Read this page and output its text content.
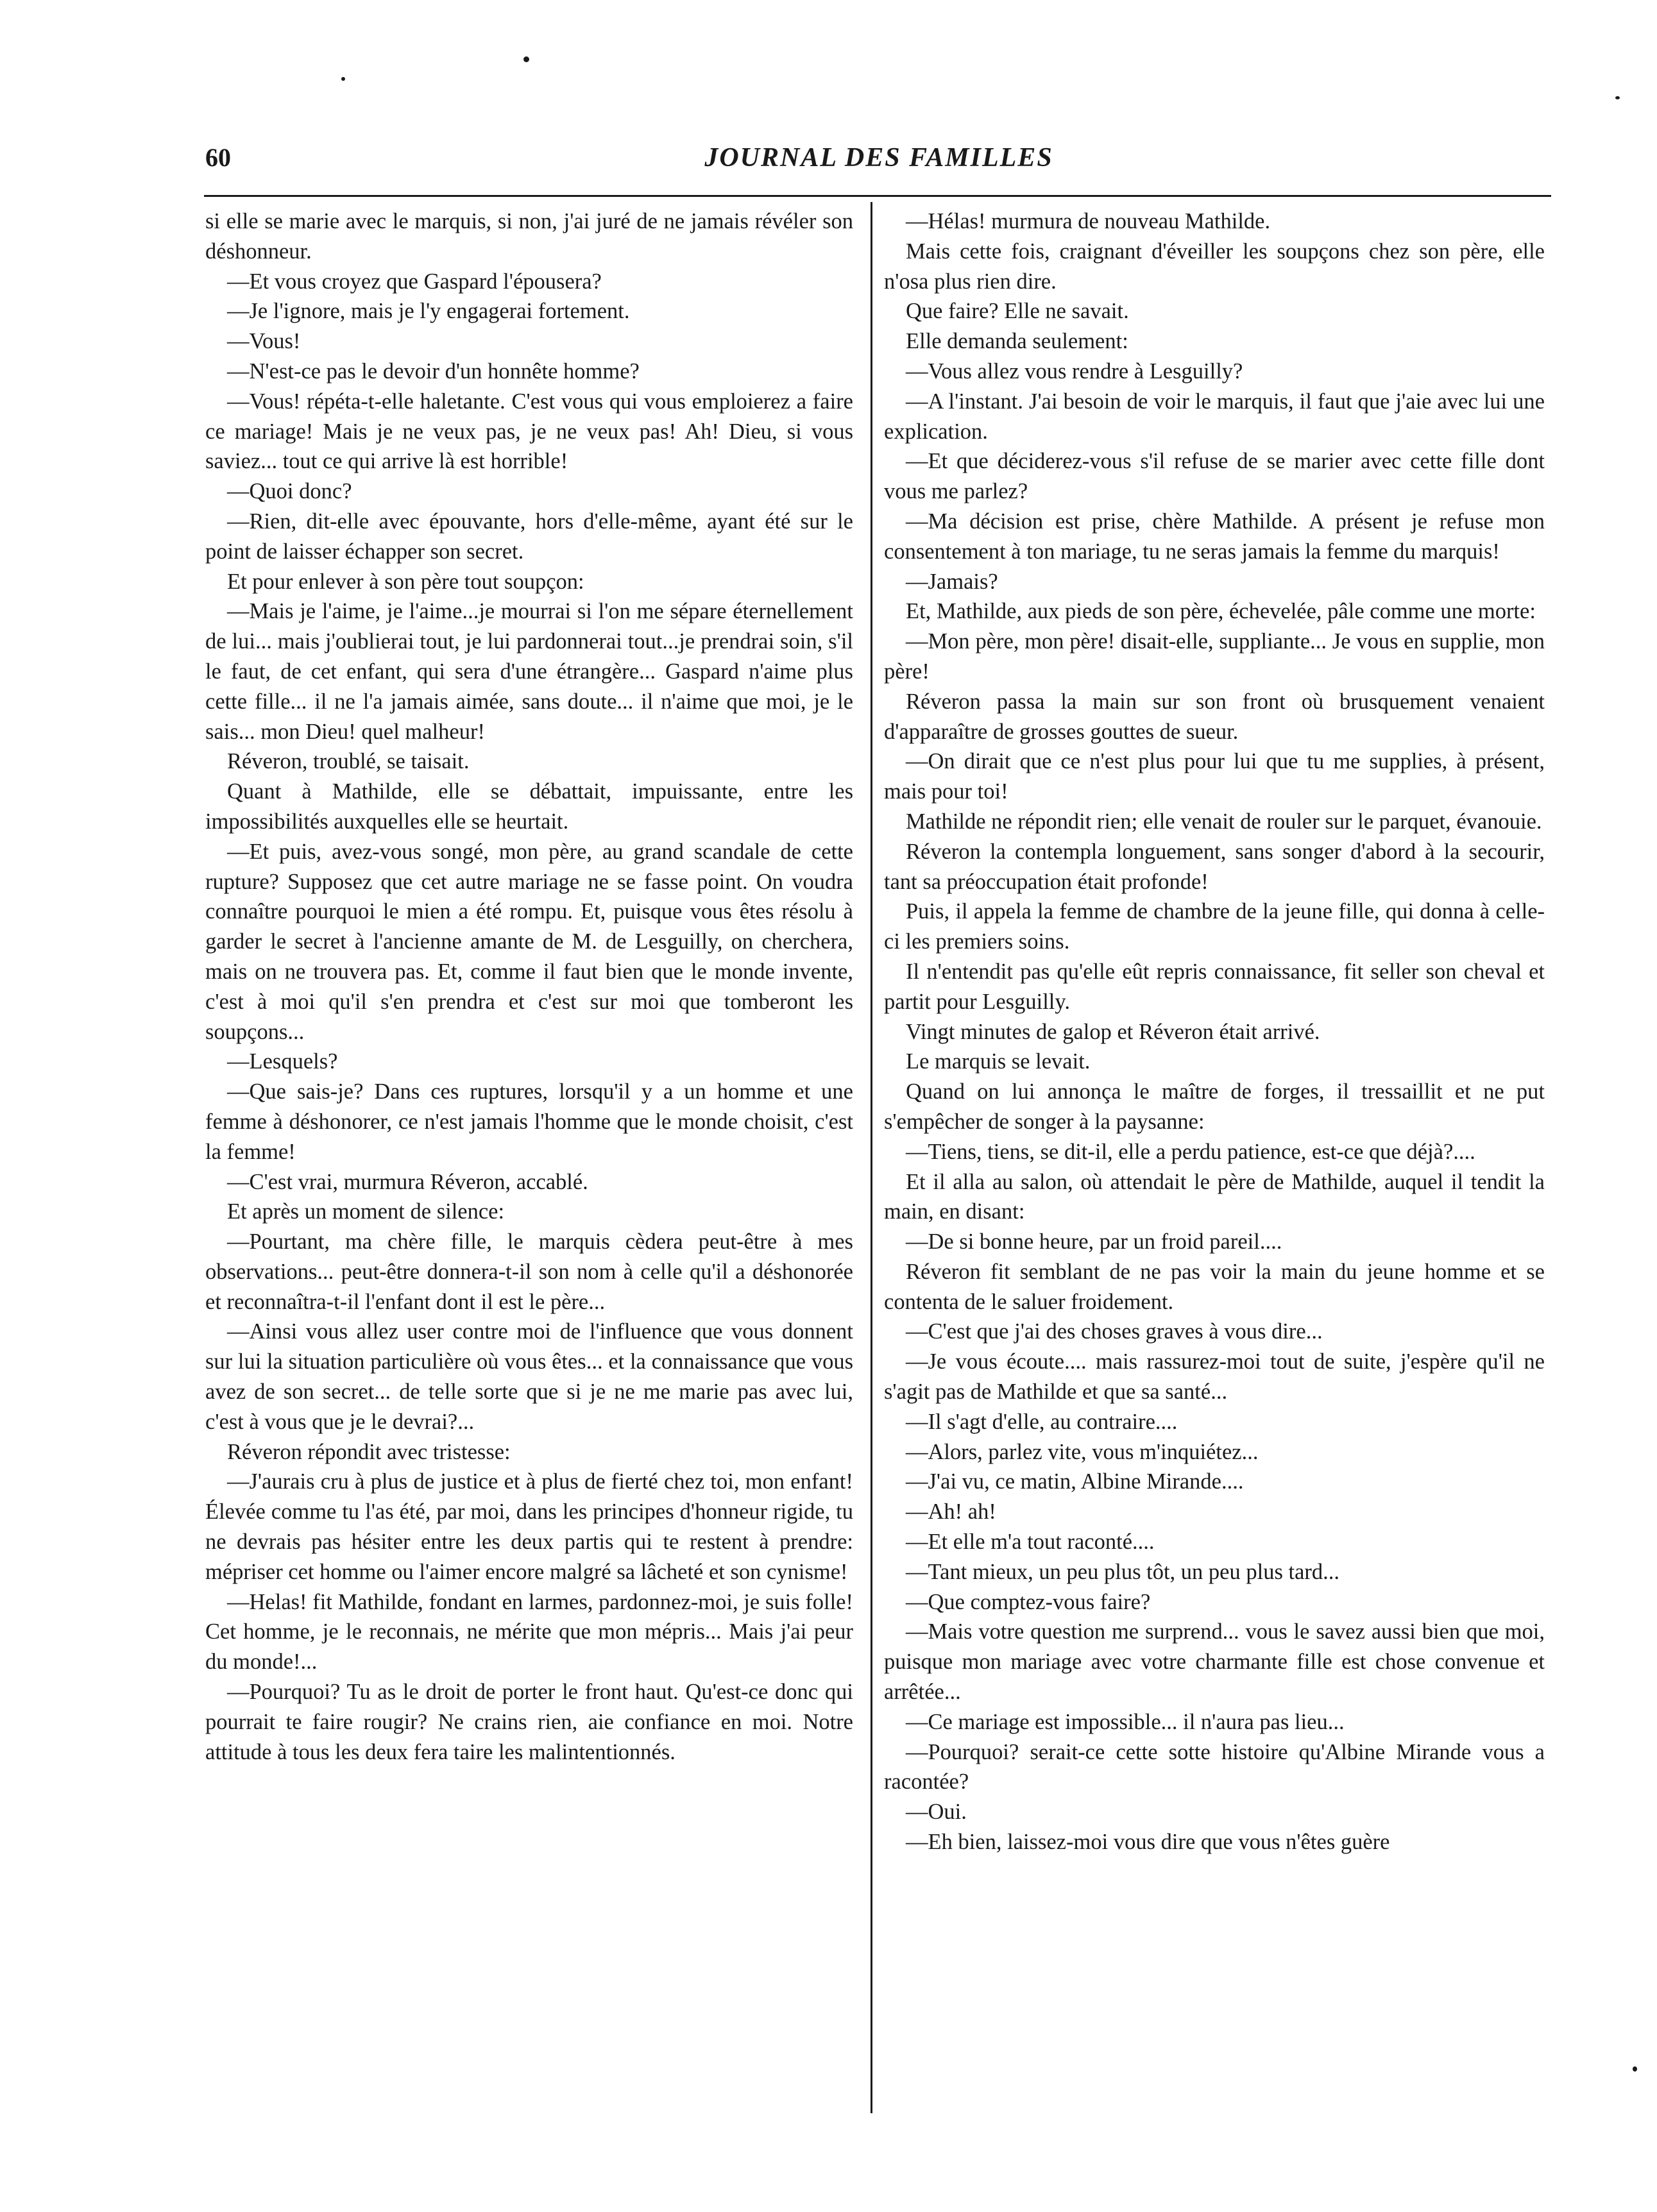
60	JOURNAL DES FAMILLES

si elle se marie avec le marquis, si non, j'ai juré de ne jamais révéler son déshonneur.

—Et vous croyez que Gaspard l'épousera?

—Je l'ignore, mais je l'y engagerai fortement.

—Vous!

—N'est-ce pas le devoir d'un honnête homme?

—Vous! répéta-t-elle haletante. C'est vous qui vous emploierez a faire ce mariage! Mais je ne veux pas, je ne veux pas! Ah! Dieu, si vous saviez... tout ce qui arrive là est horrible!

—Quoi donc?

—Rien, dit-elle avec épouvante, hors d'elle-même, ayant été sur le point de laisser échapper son secret.

Et pour enlever à son père tout soupçon:

—Mais je l'aime, je l'aime...je mourrai si l'on me sépare éternellement de lui... mais j'oublierai tout, je lui pardonnerai tout...je prendrai soin, s'il le faut, de cet enfant, qui sera d'une étrangère... Gaspard n'aime plus cette fille... il ne l'a jamais aimée, sans doute... il n'aime que moi, je le sais... mon Dieu! quel malheur!

Réveron, troublé, se taisait.

Quant à Mathilde, elle se débattait, impuissante, entre les impossibilités auxquelles elle se heurtait.

—Et puis, avez-vous songé, mon père, au grand scandale de cette rupture? Supposez que cet autre mariage ne se fasse point. On voudra connaître pourquoi le mien a été rompu. Et, puisque vous êtes résolu à garder le secret à l'ancienne amante de M. de Lesguilly, on cherchera, mais on ne trouvera pas. Et, comme il faut bien que le monde invente, c'est à moi qu'il s'en prendra et c'est sur moi que tomberont les soupçons...

—Lesquels?

—Que sais-je? Dans ces ruptures, lorsqu'il y a un homme et une femme à déshonorer, ce n'est jamais l'homme que le monde choisit, c'est la femme!

—C'est vrai, murmura Réveron, accablé.

Et après un moment de silence:

—Pourtant, ma chère fille, le marquis cèdera peut-être à mes observations... peut-être donnera-t-il son nom à celle qu'il a déshonorée et reconnaîtra-t-il l'enfant dont il est le père...

—Ainsi vous allez user contre moi de l'influence que vous donnent sur lui la situation particulière où vous êtes... et la connaissance que vous avez de son secret... de telle sorte que si je ne me marie pas avec lui, c'est à vous que je le devrai?...

Réveron répondit avec tristesse:

—J'aurais cru à plus de justice et à plus de fierté chez toi, mon enfant! Élevée comme tu l'as été, par moi, dans les principes d'honneur rigide, tu ne devrais pas hésiter entre les deux partis qui te restent à prendre: mépriser cet homme ou l'aimer encore malgré sa lâcheté et son cynisme!

—Helas! fit Mathilde, fondant en larmes, pardonnez-moi, je suis folle! Cet homme, je le reconnais, ne mérite que mon mépris... Mais j'ai peur du monde!...

—Pourquoi? Tu as le droit de porter le front haut. Qu'est-ce donc qui pourrait te faire rougir? Ne crains rien, aie confiance en moi. Notre attitude à tous les deux fera taire les malintentionnés.

—Hélas! murmura de nouveau Mathilde.

Mais cette fois, craignant d'éveiller les soupçons chez son père, elle n'osa plus rien dire.

Que faire? Elle ne savait.

Elle demanda seulement:

—Vous allez vous rendre à Lesguilly?

—A l'instant. J'ai besoin de voir le marquis, il faut que j'aie avec lui une explication.

—Et que déciderez-vous s'il refuse de se marier avec cette fille dont vous me parlez?

—Ma décision est prise, chère Mathilde. A présent je refuse mon consentement à ton mariage, tu ne seras jamais la femme du marquis!

—Jamais?

Et, Mathilde, aux pieds de son père, échevelée, pâle comme une morte:

—Mon père, mon père! disait-elle, suppliante... Je vous en supplie, mon père!

Réveron passa la main sur son front où brusquement venaient d'apparaître de grosses gouttes de sueur.

—On dirait que ce n'est plus pour lui que tu me supplies, à présent, mais pour toi!

Mathilde ne répondit rien; elle venait de rouler sur le parquet, évanouie.

Réveron la contempla longuement, sans songer d'abord à la secourir, tant sa préoccupation était profonde!

Puis, il appela la femme de chambre de la jeune fille, qui donna à celle-ci les premiers soins.

Il n'entendit pas qu'elle eût repris connaissance, fit seller son cheval et partit pour Lesguilly.

Vingt minutes de galop et Réveron était arrivé.

Le marquis se levait.

Quand on lui annonça le maître de forges, il tressaillit et ne put s'empêcher de songer à la paysanne:

—Tiens, tiens, se dit-il, elle a perdu patience, est-ce que déjà?....

Et il alla au salon, où attendait le père de Mathilde, auquel il tendit la main, en disant:

—De si bonne heure, par un froid pareil....

Réveron fit semblant de ne pas voir la main du jeune homme et se contenta de le saluer froidement.

—C'est que j'ai des choses graves à vous dire...

—Je vous écoute.... mais rassurez-moi tout de suite, j'espère qu'il ne s'agit pas de Mathilde et que sa santé...

—Il s'agt d'elle, au contraire....

—Alors, parlez vite, vous m'inquiétez...

—J'ai vu, ce matin, Albine Mirande....

—Ah! ah!

—Et elle m'a tout raconté....

—Tant mieux, un peu plus tôt, un peu plus tard...

—Que comptez-vous faire?

—Mais votre question me surprend... vous le savez aussi bien que moi, puisque mon mariage avec votre charmante fille est chose convenue et arrêtée...

—Ce mariage est impossible... il n'aura pas lieu...

—Pourquoi? serait-ce cette sotte histoire qu'Albine Mirande vous a racontée?

—Oui.

—Eh bien, laissez-moi vous dire que vous n'êtes guère
